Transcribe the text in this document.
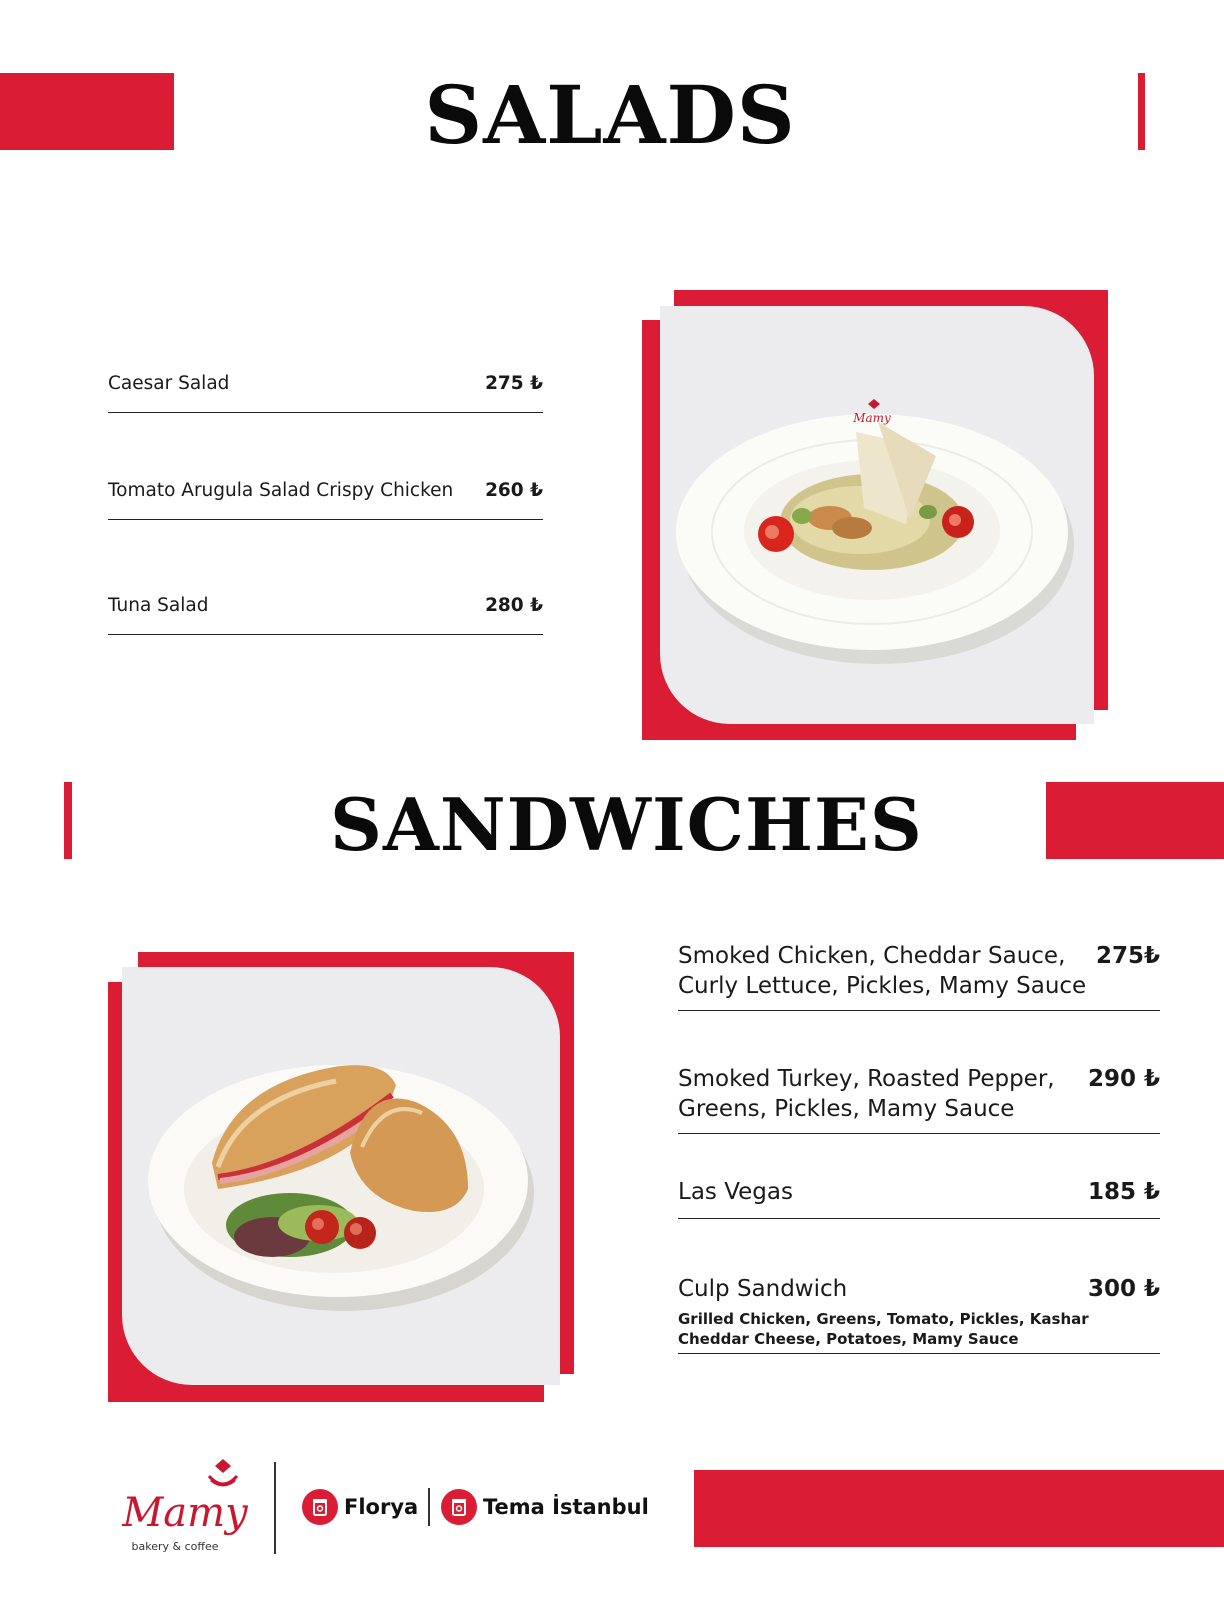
SALADS
Caesar Salad	275 ₺
Tomato Arugula Salad Crispy Chicken 260 ₺
Tuna Salad	280 ₺
Mamy
SANDWICHES
Smoked Chicken, Cheddar Sauce, Curly Lettuce, Pickles, Mamy Sauce
275₺
Smoked Turkey, Roasted Pepper, Greens, Pickles, Mamy Sauce
290 ₺
Las Vegas	185 ₺
Culp Sandwich	300 ₺
Grilled Chicken, Greens, Tomato, Pickles, Kashar Cheddar Cheese, Potatoes, Mamy Sauce
Mamy
bakery & coffee
Florya	Tema İstanbul
